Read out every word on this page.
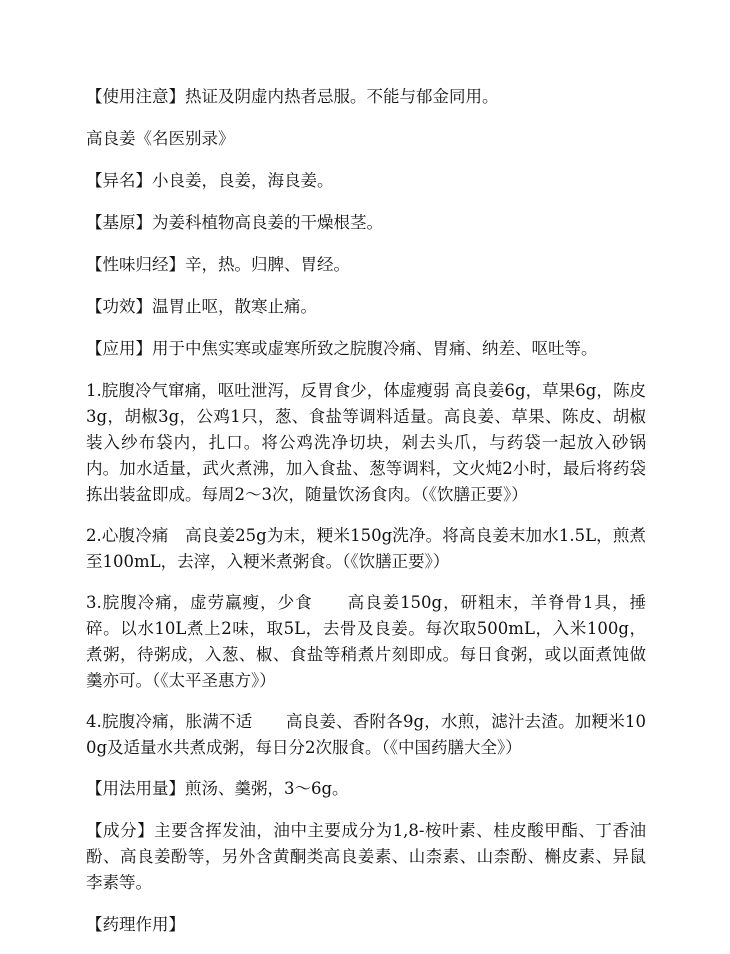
【使用注意】热证及阴虚内热者忌服。不能与郁金同用。

高良姜《名医别录》

【异名】小良姜，良姜，海良姜。

【基原】为姜科植物高良姜的干燥根茎。

【性味归经】辛，热。归脾、胃经。

【功效】温胃止呕，散寒止痛。

【应用】用于中焦实寒或虚寒所致之脘腹冷痛、胃痛、纳差、呕吐等。

1.脘腹冷气窜痛，呕吐泄泻，反胃食少，体虚瘦弱 高良姜6g，草果6g，陈皮3g，胡椒3g，公鸡1只，葱、食盐等调料适量。高良姜、草果、陈皮、胡椒装入纱布袋内，扎口。将公鸡洗净切块，剁去头爪，与药袋一起放入砂锅内。加水适量，武火煮沸，加入食盐、葱等调料，文火炖2小时，最后将药袋拣出装盆即成。每周2～3次，随量饮汤食肉。（《饮膳正要》）

2.心腹冷痛　高良姜25g为末，粳米150g洗净。将高良姜末加水1.5L，煎煮至100mL，去滓，入粳米煮粥食。（《饮膳正要》）

3.脘腹冷痛，虚劳羸瘦，少食　　高良姜150g，研粗末，羊脊骨1具，捶碎。以水10L煮上2味，取5L，去骨及良姜。每次取500mL，入米100g，煮粥，待粥成，入葱、椒、食盐等稍煮片刻即成。每日食粥，或以面煮饨做羹亦可。（《太平圣惠方》）

4.脘腹冷痛，胀满不适　　高良姜、香附各9g，水煎，滤汁去渣。加粳米100g及适量水共煮成粥，每日分2次服食。（《中国药膳大全》）

【用法用量】煎汤、羹粥，3～6g。

【成分】主要含挥发油，油中主要成分为1,8-桉叶素、桂皮酸甲酯、丁香油酚、高良姜酚等，另外含黄酮类高良姜素、山柰素、山柰酚、槲皮素、异鼠李素等。

【药理作用】
